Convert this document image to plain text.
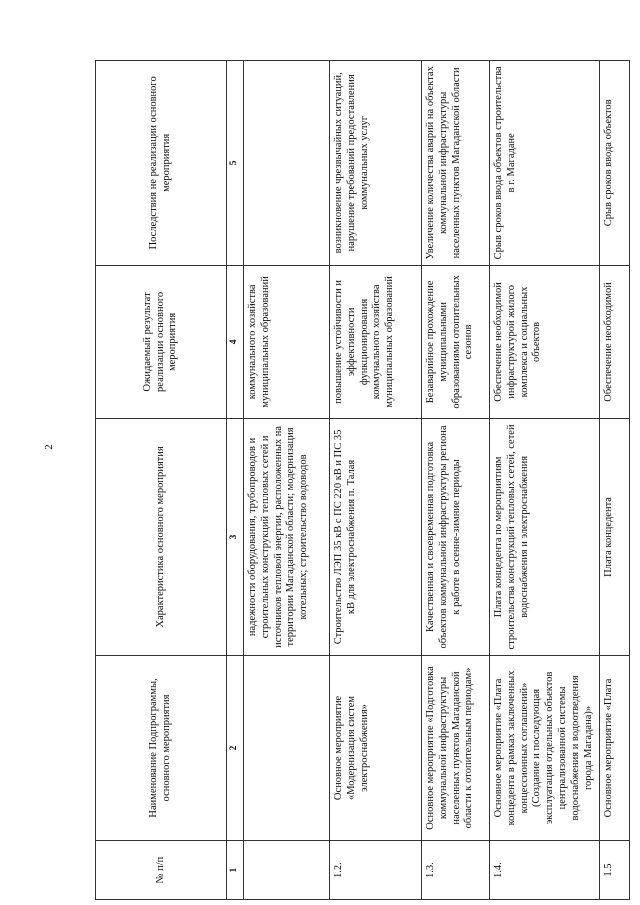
2
№ п/п	Наименование Подпрограммы, основного мероприятия	Характеристика основного мероприятия	Ожидаемый результат реализации основного мероприятия	Последствия не реализации основного мероприятия
1	2	3	4	5
		надежности оборудования, трубопроводов и строительных конструкций тепловых сетей и источников тепловой энергии, расположенных на территории Магаданской области; модернизация котельных; строительство водоводов	коммунального хозяйства муниципальных образований	
1.2.	Основное мероприятие «Модернизация систем электроснабжения»	Строительство ЛЭП 35 кВ с ПС 220 кВ и ПС 35 кВ для электроснабжения п. Талая	повышение устойчивости и эффективности функционирования коммунального хозяйства муниципальных образований	возникновение чрезвычайных ситуаций, нарушение требований предоставления коммунальных услуг
1.3.	Основное мероприятие «Подготовка коммунальной инфраструктуры населенных пунктов Магаданской области к отопительным периодам»	Качественная и своевременная подготовка объектов коммунальной инфраструктуры региона к работе в осенне-зимние периоды	Безаварийное прохождение муниципальными образованиями отопительных сезонов	Увеличение количества аварий на объектах коммунальной инфраструктуры населенных пунктов Магаданской области
1.4.	Основное мероприятие «Плата концедента в рамках заключенных концессионных соглашений» (Создание и последующая эксплуатация отдельных объектов централизованной системы водоснабжения и водоотведения города Магадана)»	Плата концедента по мероприятиям строительства конструкций тепловых сетей, сетей водоснабжения и электроснабжения	Обеспечение необходимой инфраструктурой жилого комплекса и социальных объектов	Срыв сроков ввода объектов строительства в г. Магадане
1.5	Основное мероприятие «Плата	Плата концедента	Обеспечение необходимой	Срыв сроков ввода объектов
